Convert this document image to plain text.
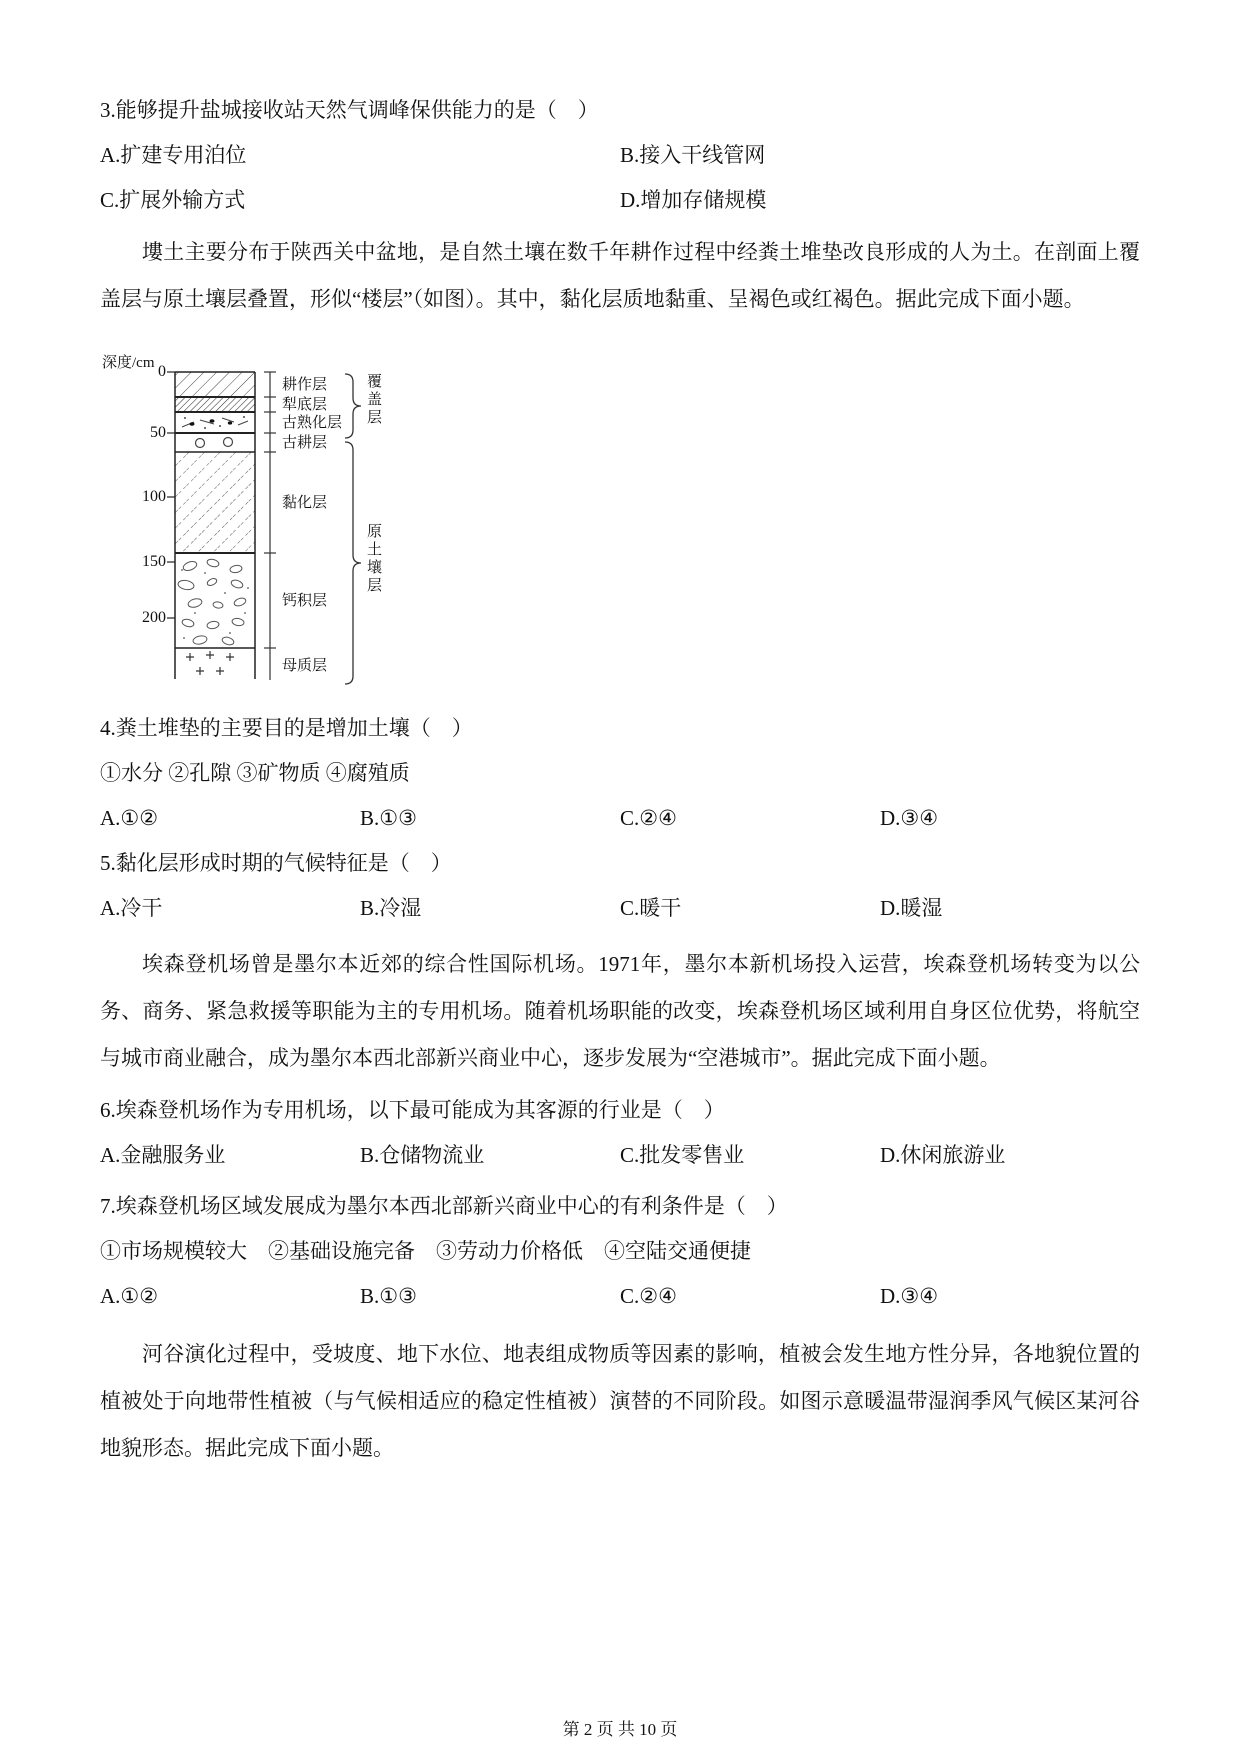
3.能够提升盐城接收站天然气调峰保供能力的是（　）
A.扩建专用泊位	B.接入干线管网
C.扩展外输方式	D.增加存储规模

塿土主要分布于陕西关中盆地，是自然土壤在数千年耕作过程中经粪土堆垫改良形成的人为土。在剖面上覆盖层与原土壤层叠置，形似“楼层”（如图）。其中，黏化层质地黏重、呈褐色或红褐色。据此完成下面小题。

深度/cm 0
50
100
150
200
耕作层
犁底层
古熟化层
古耕层
黏化层
钙积层
母质层
覆盖层
原土壤层
4.粪土堆垫的主要目的是增加土壤（　）
①水分 ②孔隙 ③矿物质 ④腐殖质
A.①②	B.①③	C.②④	D.③④
5.黏化层形成时期的气候特征是（　）
A.冷干	B.冷湿	C.暖干	D.暖湿

埃森登机场曾是墨尔本近郊的综合性国际机场。1971年，墨尔本新机场投入运营，埃森登机场转变为以公务、商务、紧急救援等职能为主的专用机场。随着机场职能的改变，埃森登机场区域利用自身区位优势，将航空与城市商业融合，成为墨尔本西北部新兴商业中心，逐步发展为“空港城市”。据此完成下面小题。

6.埃森登机场作为专用机场，以下最可能成为其客源的行业是（　）
A.金融服务业	B.仓储物流业	C.批发零售业	D.休闲旅游业
7.埃森登机场区域发展成为墨尔本西北部新兴商业中心的有利条件是（　）
①市场规模较大　②基础设施完备　③劳动力价格低　④空陆交通便捷
A.①②	B.①③	C.②④	D.③④

河谷演化过程中，受坡度、地下水位、地表组成物质等因素的影响，植被会发生地方性分异，各地貌位置的植被处于向地带性植被（与气候相适应的稳定性植被）演替的不同阶段。如图示意暖温带湿润季风气候区某河谷地貌形态。据此完成下面小题。

第 2 页 共 10 页
